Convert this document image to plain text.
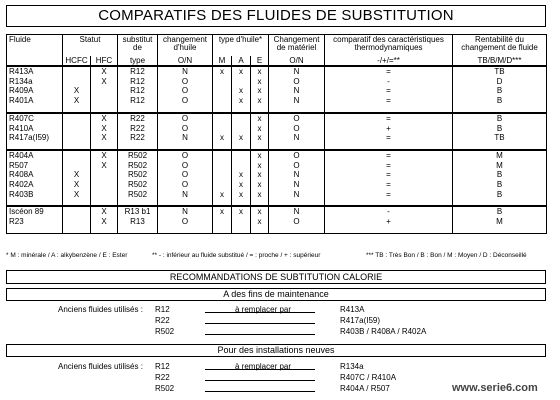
COMPARATIFS DES FLUIDES DE SUBSTITUTION
Fluide	Statut		substitut de	changement d'huile	type d'huile*			Changement de matériel	comparatif des caractéristiques thermodynamiques	Rentabilité du changement de fluide
	HCFC	HFC	type	O/N	M	A	E	O/N	-/+/=**	TB/B/M/D***
R413A		X	R12	N	x	x	x	N	=	TB
R134a		X	R12	O			x	O	-	D
R409A	X		R12	O		x	x	N	=	B
R401A	X		R12	O		x	x	N	=	B

R407C		X	R22	O			x	O	=	B
R410A		X	R22	O			x	O	+	B
R417a(I59)		X	R22	N	x	x	x	N	=	TB

R404A		X	R502	O			x	O	=	M
R507		X	R502	O			x	O	=	M
R408A	X		R502	O		x	x	N	=	B
R402A	X		R502	O		x	x	N	=	B
R403B	X		R502	N	x	x	x	N	=	B

Iscéon 89		X	R13 b1	N	x	x	x	N	-	B
R23		X	R13	O			x	O	+	M

* M : minérale / A : alkybenzène / E : Ester	** - : inférieur au fluide substitué / = : proche / + : supérieur	*** TB : Très Bon / B : Bon / M : Moyen / D : Déconseillé
RECOMMANDATIONS DE SUBTITUTION CALORIE
A des fins de maintenance
Anciens fluides utilisés : R12	à remplacer par	R413A
R22	R417a(I59)
R502	R403B / R408A / R402A
Pour des installations neuves
Anciens fluides utilisés : R12	à remplacer par	R134a
R22	R407C / R410A
R502	R404A / R507	www.serie6.com
